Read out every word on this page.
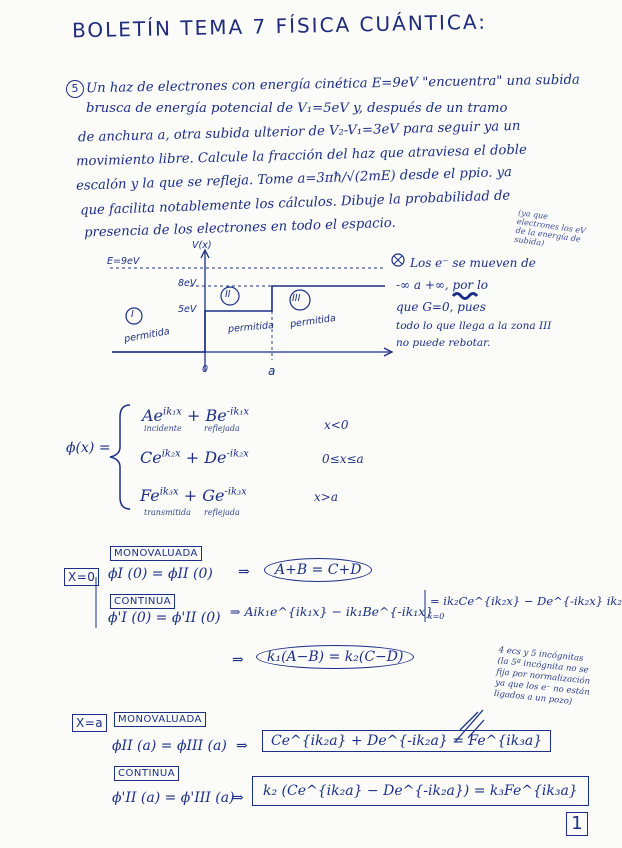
BOLETÍN TEMA 7 FÍSICA CUÁNTICA:
5 Un haz de electrones con energía cinética E=9eV "encuentra" una subida
brusca de energía potencial de V₁=5eV y, después de un tramo
de anchura a, otra subida ulterior de V₂-V₁=3eV para seguir ya un
movimiento libre. Calcule la fracción del haz que atraviesa el doble
escalón y la que se refleja. Tome a=3πħ/√(2mE) desde el ppio. ya
que facilita notablemente los cálculos. Dibuje la probabilidad de
presencia de los electrones en todo el espacio.
(ya que electrones los eV de la energía de subida)
E=9eV
V(x)
8eV
5eV
I
II	III
permitida	permitida permitida
0	a
Los e⁻ se mueven de
-∞ a +∞, por lo
que G=0, pues
todo lo que llega a la zona III
no puede rebotar.
ϕ(x) =
$Ae^{ik_1x} + Be^{-ik_1x}$
incidente	reflejada	x<0
$Ce^{ik_2x} + De^{-ik_2x}$	0≤x≤a
$Fe^{ik_3x} + Ge^{-ik_3x}$
transmitida reflejada
x>a
MONOVALUADA
X=0 ϕI (0) = ϕII (0) ⇒	A+B = C+D
CONTINUA
ϕ'I (0) = ϕ'II (0) ⇒ Aik₁e^{ik₁x} − ik₁Be^{-ik₁x}
= ik₂Ce^{ik₂x} − De^{-ik₂x} ik₂
x=0
⇒	k₁(A−B) = k₂(C−D)	4 ecs y 5 incógnitas (la 5ª incógnita no se fija por normalización ya que los e⁻ no están ligados a un pozo)
X=a	MONOVALUADA
ϕII (a) = ϕIII (a) ⇒	Ce^{ik₂a} + De^{-ik₂a} = Fe^{ik₃a}
CONTINUA
ϕ'II (a) = ϕ'III (a)
⇒	k₂ (Ce^{ik₂a} − De^{-ik₂a}) = k₃Fe^{ik₃a}
1
